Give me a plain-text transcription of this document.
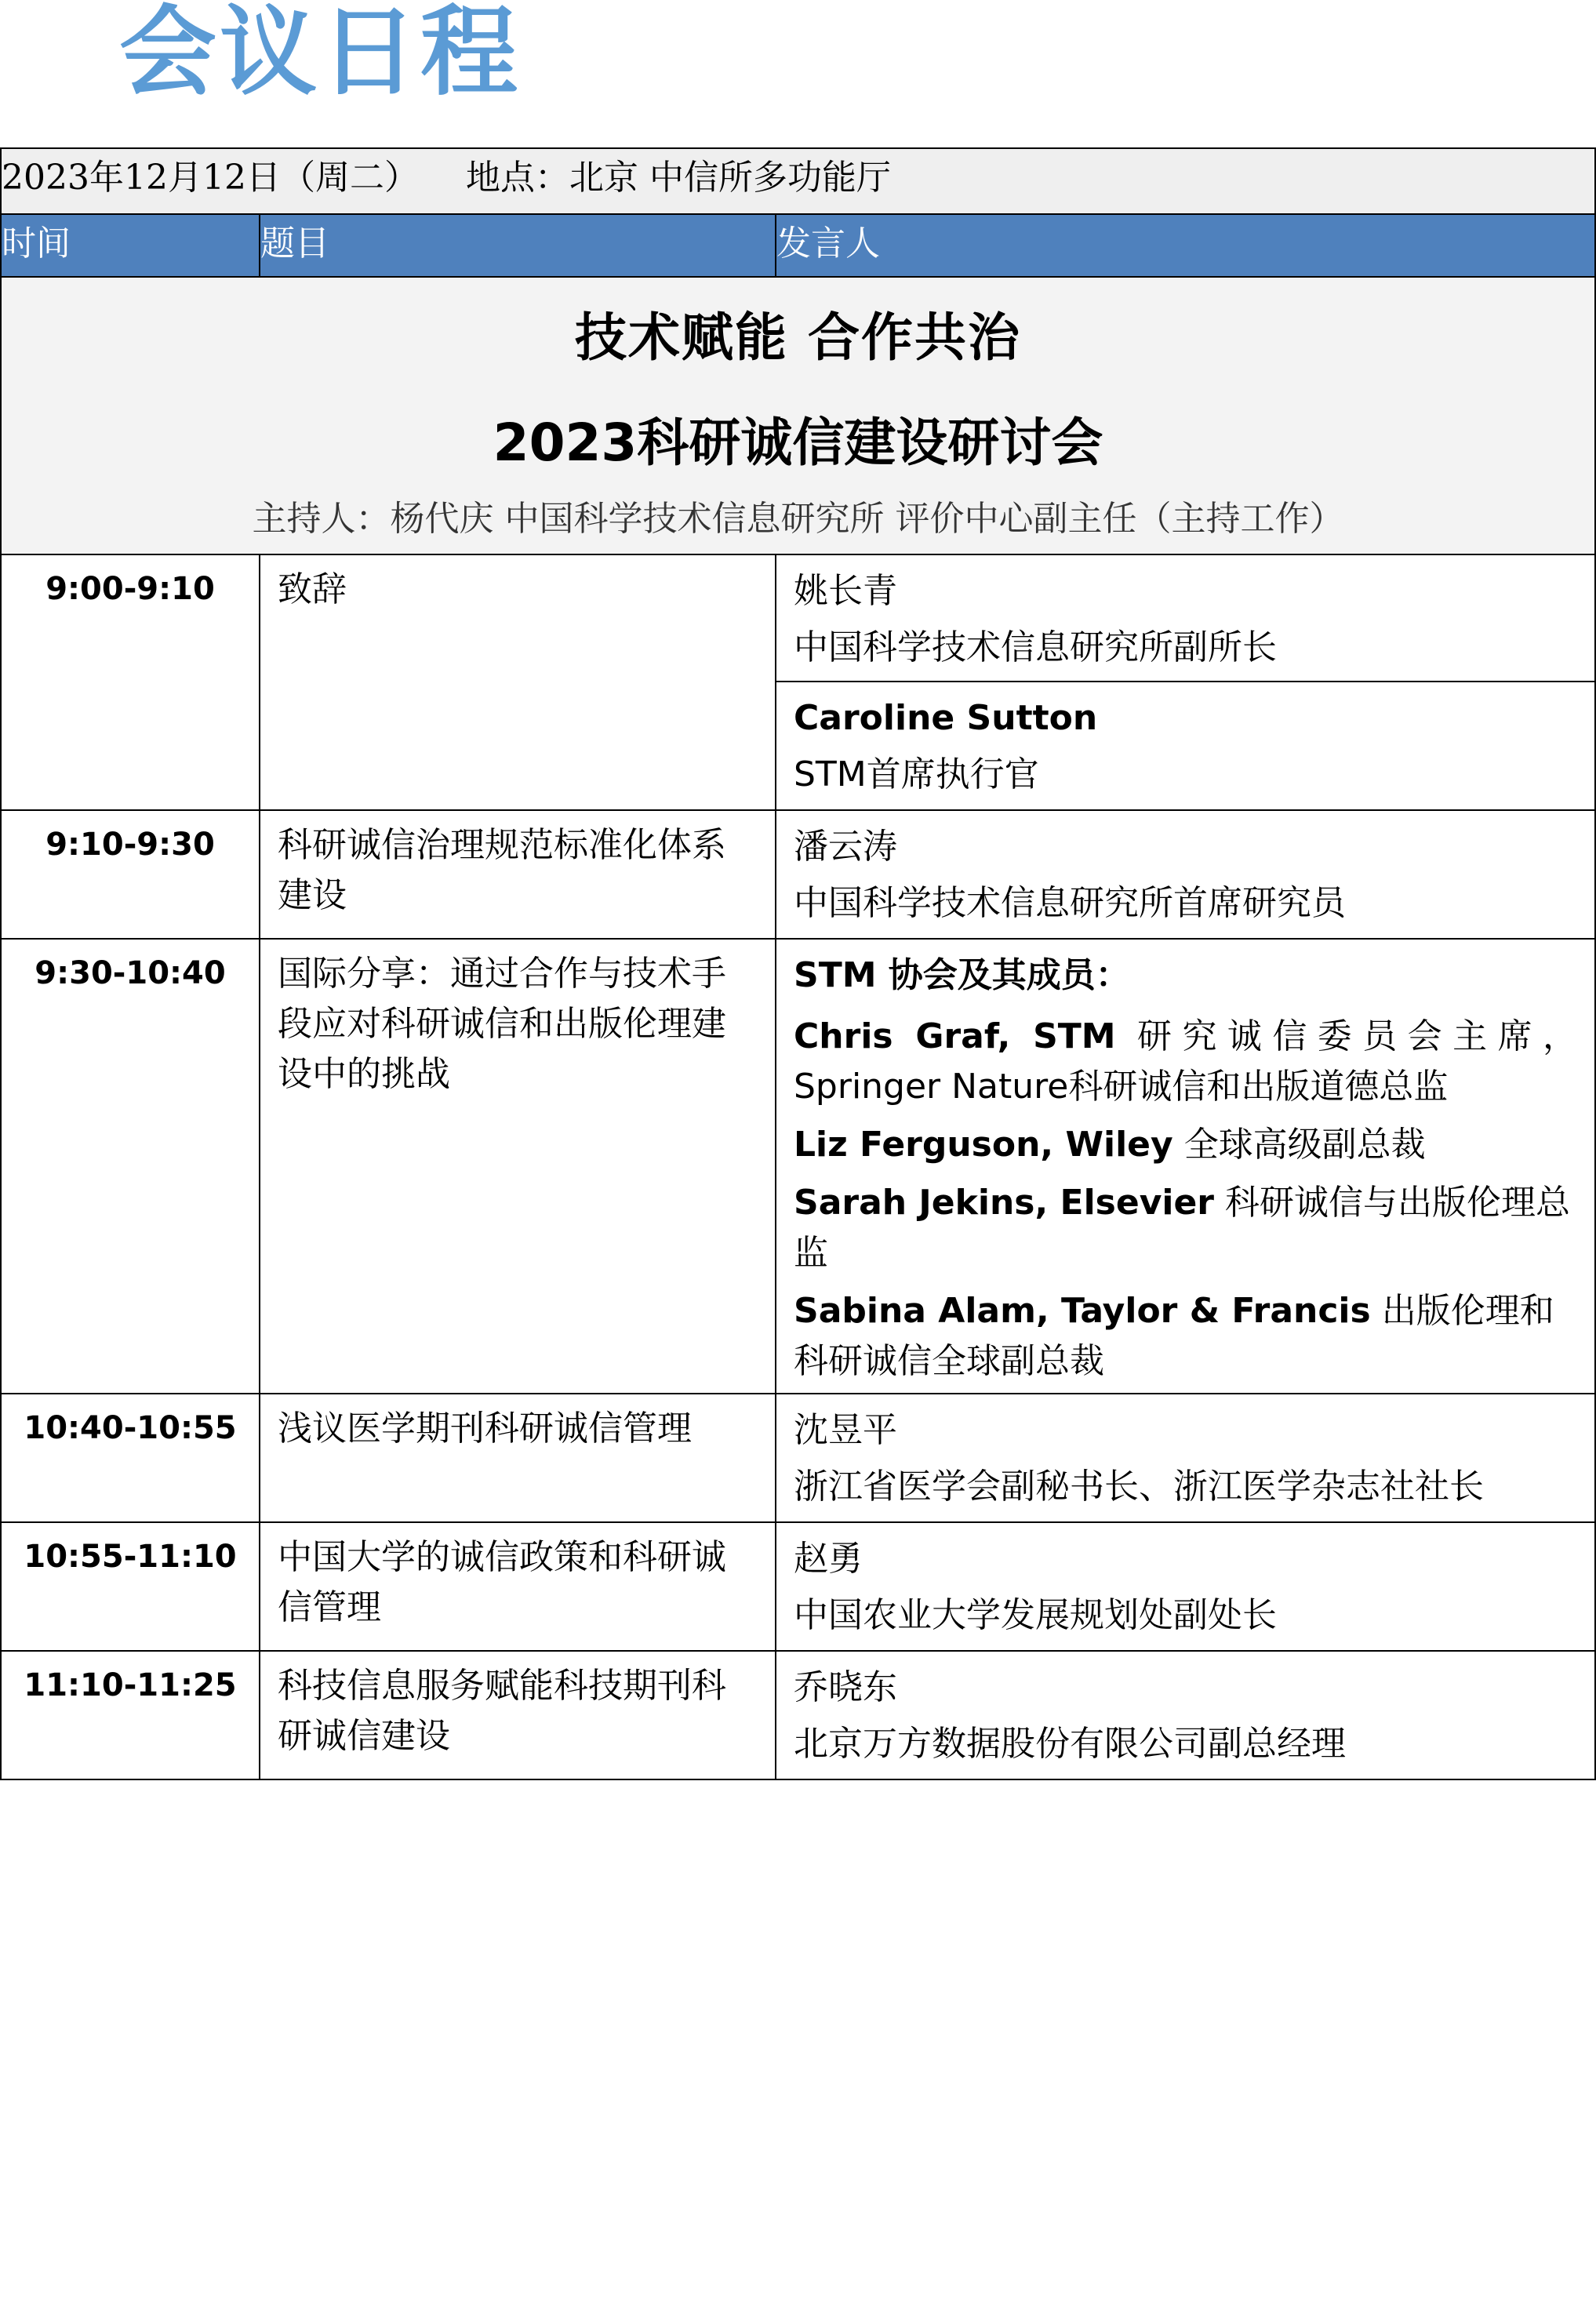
会议日程
2023年12月12日（周二） 地点：北京 中信所多功能厅		
时间	题目	发言人

技术赋能 合作共治
2023科研诚信建设研讨会
主持人：杨代庆 中国科学技术信息研究所 评价中心副主任（主持工作）		

9:00-9:10	致辞	姚长青
中国科学技术信息研究所副所长
Caroline Sutton
STM首席执行官

9:10-9:30	科研诚信治理规范标准化体系建设	潘云涛
中国科学技术信息研究所首席研究员

9:30-10:40	国际分享：通过合作与技术手段应对科研诚信和出版伦理建设中的挑战	STM 协会及其成员：
Chris Graf, STM 研究诚信委员会主席，Springer Nature科研诚信和出版道德总监
Liz Ferguson, Wiley 全球高级副总裁
Sarah Jekins, Elsevier 科研诚信与出版伦理总监
Sabina Alam, Taylor & Francis 出版伦理和科研诚信全球副总裁

10:40-10:55	浅议医学期刊科研诚信管理	沈昱平
浙江省医学会副秘书长、浙江医学杂志社社长

10:55-11:10	中国大学的诚信政策和科研诚信管理	赵勇
中国农业大学发展规划处副处长

11:10-11:25	科技信息服务赋能科技期刊科研诚信建设	乔晓东
北京万方数据股份有限公司副总经理
